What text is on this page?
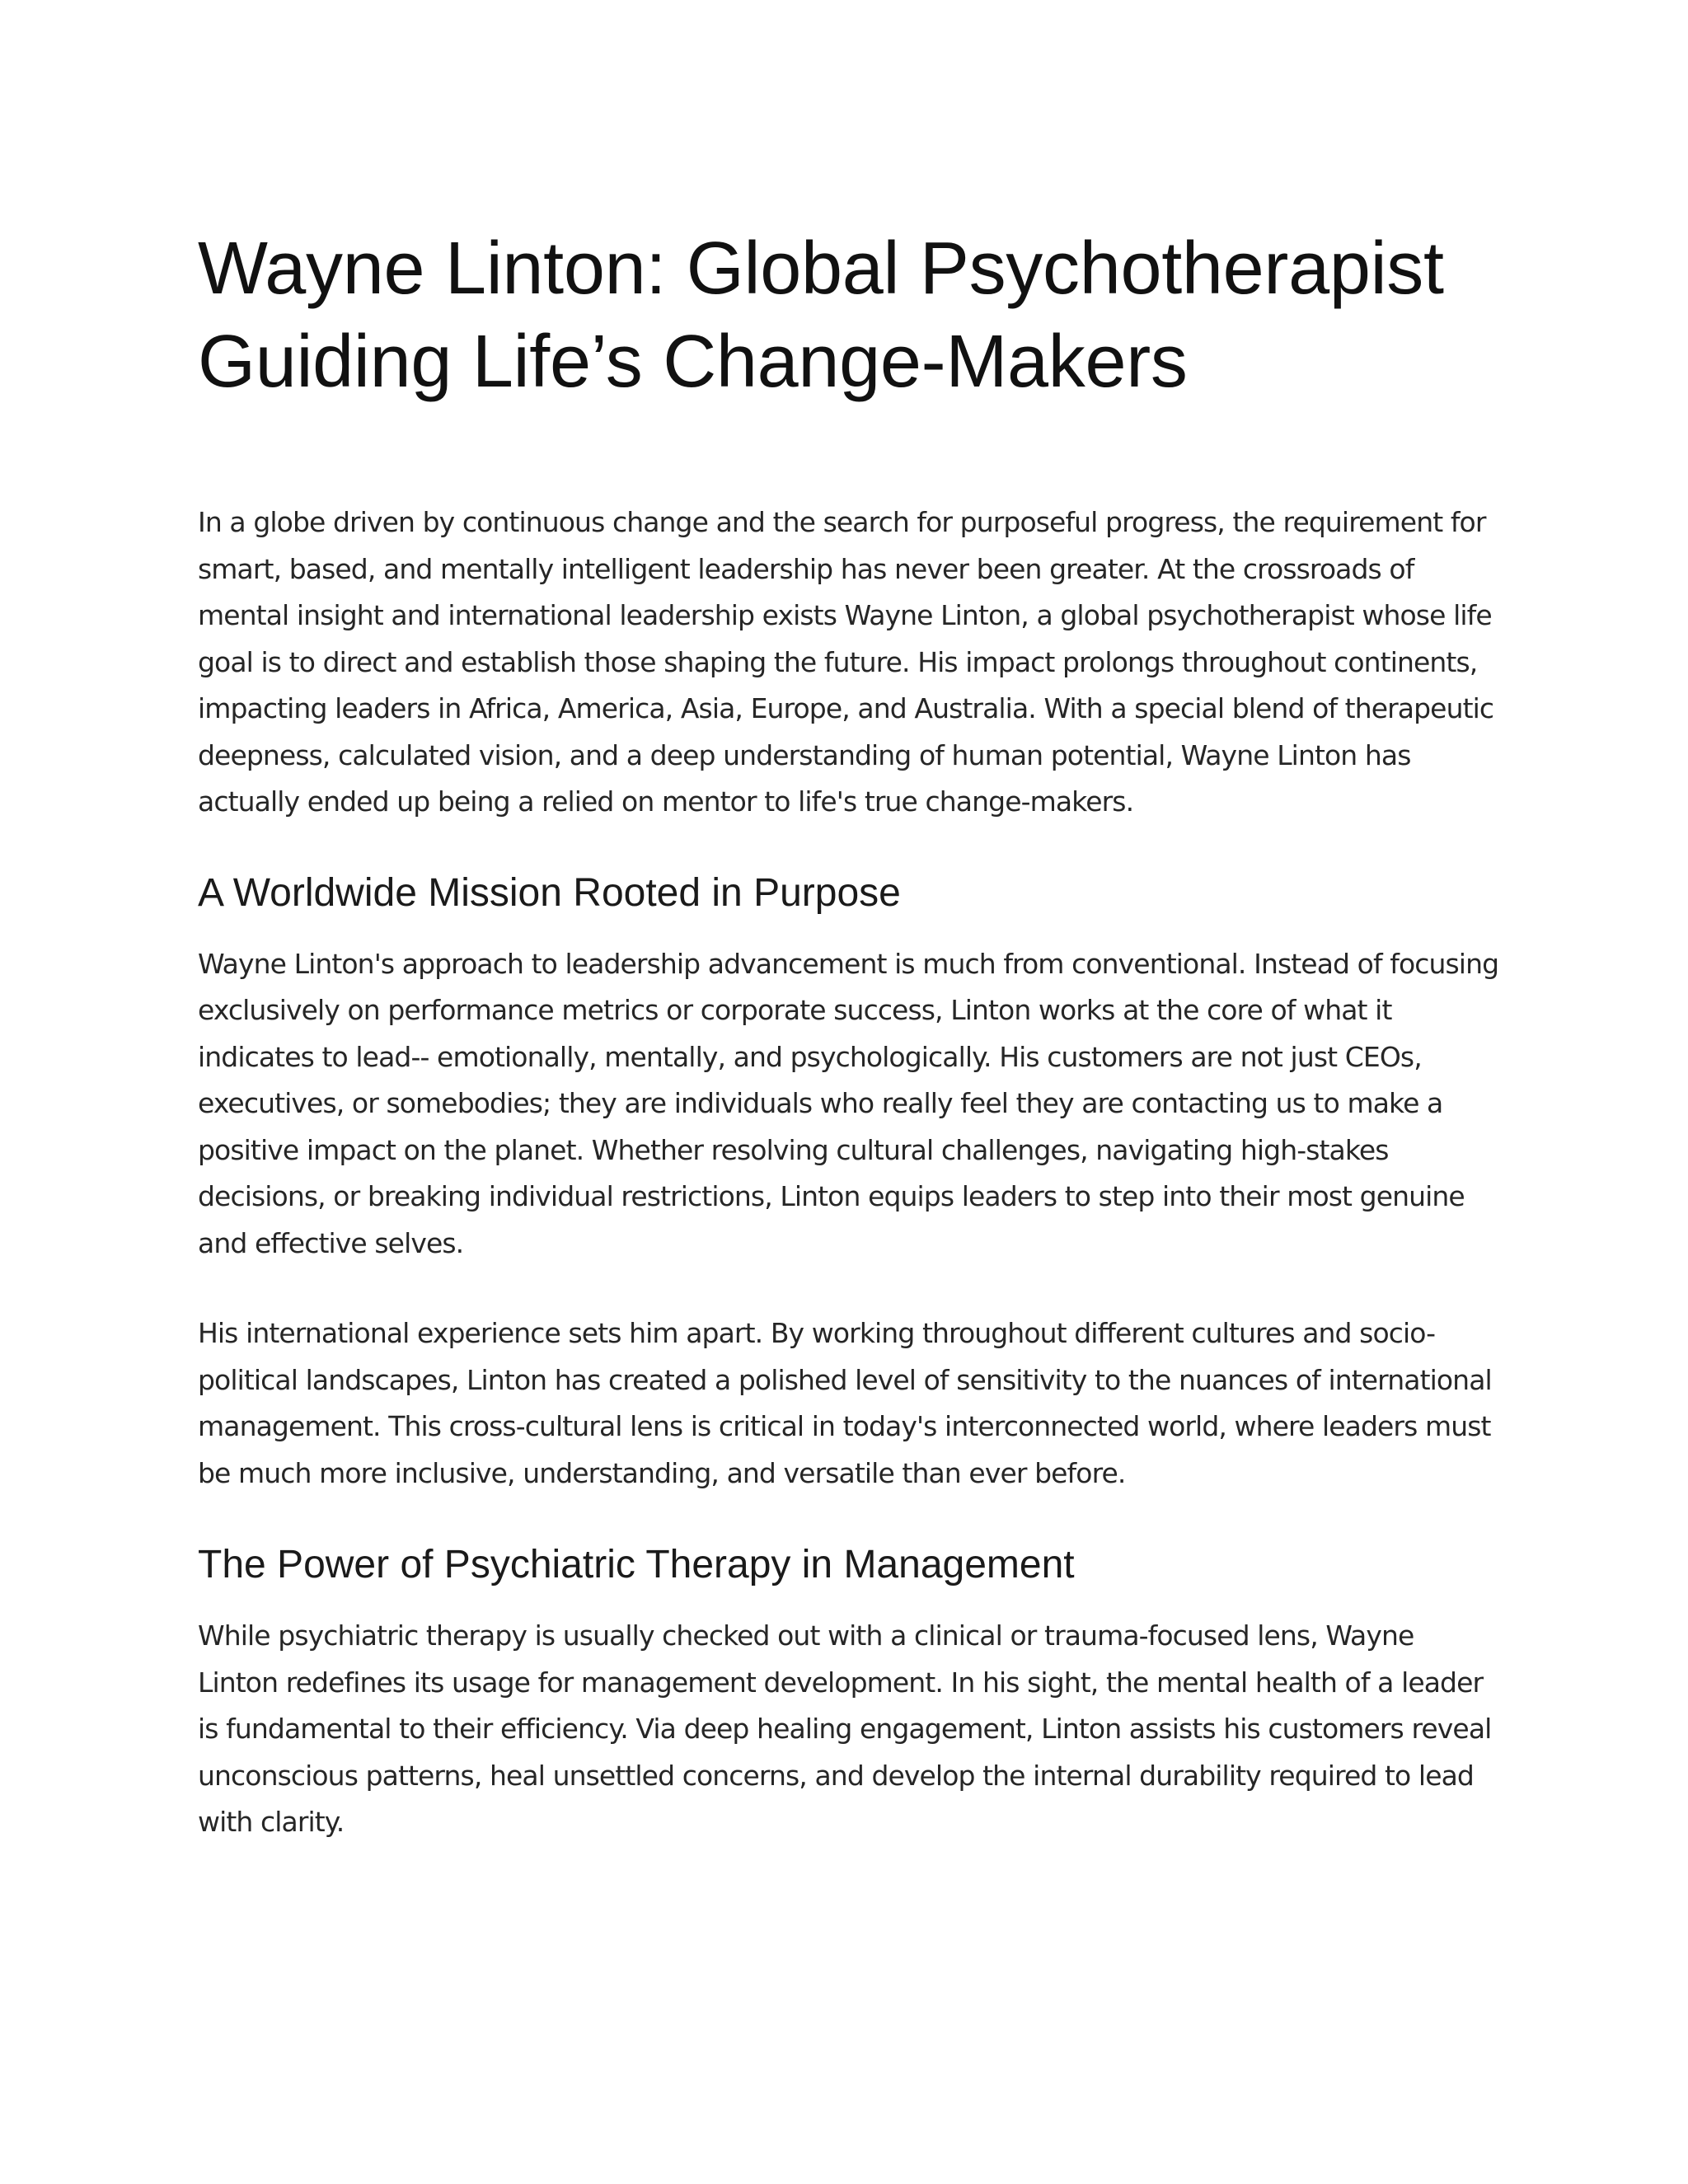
Wayne Linton: Global Psychotherapist Guiding Life’s Change-Makers

In a globe driven by continuous change and the search for purposeful progress, the requirement for smart, based, and mentally intelligent leadership has never been greater. At the crossroads of mental insight and international leadership exists Wayne Linton, a global psychotherapist whose life goal is to direct and establish those shaping the future. His impact prolongs throughout continents, impacting leaders in Africa, America, Asia, Europe, and Australia. With a special blend of therapeutic deepness, calculated vision, and a deep understanding of human potential, Wayne Linton has actually ended up being a relied on mentor to life's true change-makers.

A Worldwide Mission Rooted in Purpose

Wayne Linton's approach to leadership advancement is much from conventional. Instead of focusing exclusively on performance metrics or corporate success, Linton works at the core of what it indicates to lead-- emotionally, mentally, and psychologically. His customers are not just CEOs, executives, or somebodies; they are individuals who really feel they are contacting us to make a positive impact on the planet. Whether resolving cultural challenges, navigating high-stakes decisions, or breaking individual restrictions, Linton equips leaders to step into their most genuine and effective selves.

His international experience sets him apart. By working throughout different cultures and socio-political landscapes, Linton has created a polished level of sensitivity to the nuances of international management. This cross-cultural lens is critical in today's interconnected world, where leaders must be much more inclusive, understanding, and versatile than ever before.

The Power of Psychiatric Therapy in Management

While psychiatric therapy is usually checked out with a clinical or trauma-focused lens, Wayne Linton redefines its usage for management development. In his sight, the mental health of a leader is fundamental to their efficiency. Via deep healing engagement, Linton assists his customers reveal unconscious patterns, heal unsettled concerns, and develop the internal durability required to lead with clarity.
